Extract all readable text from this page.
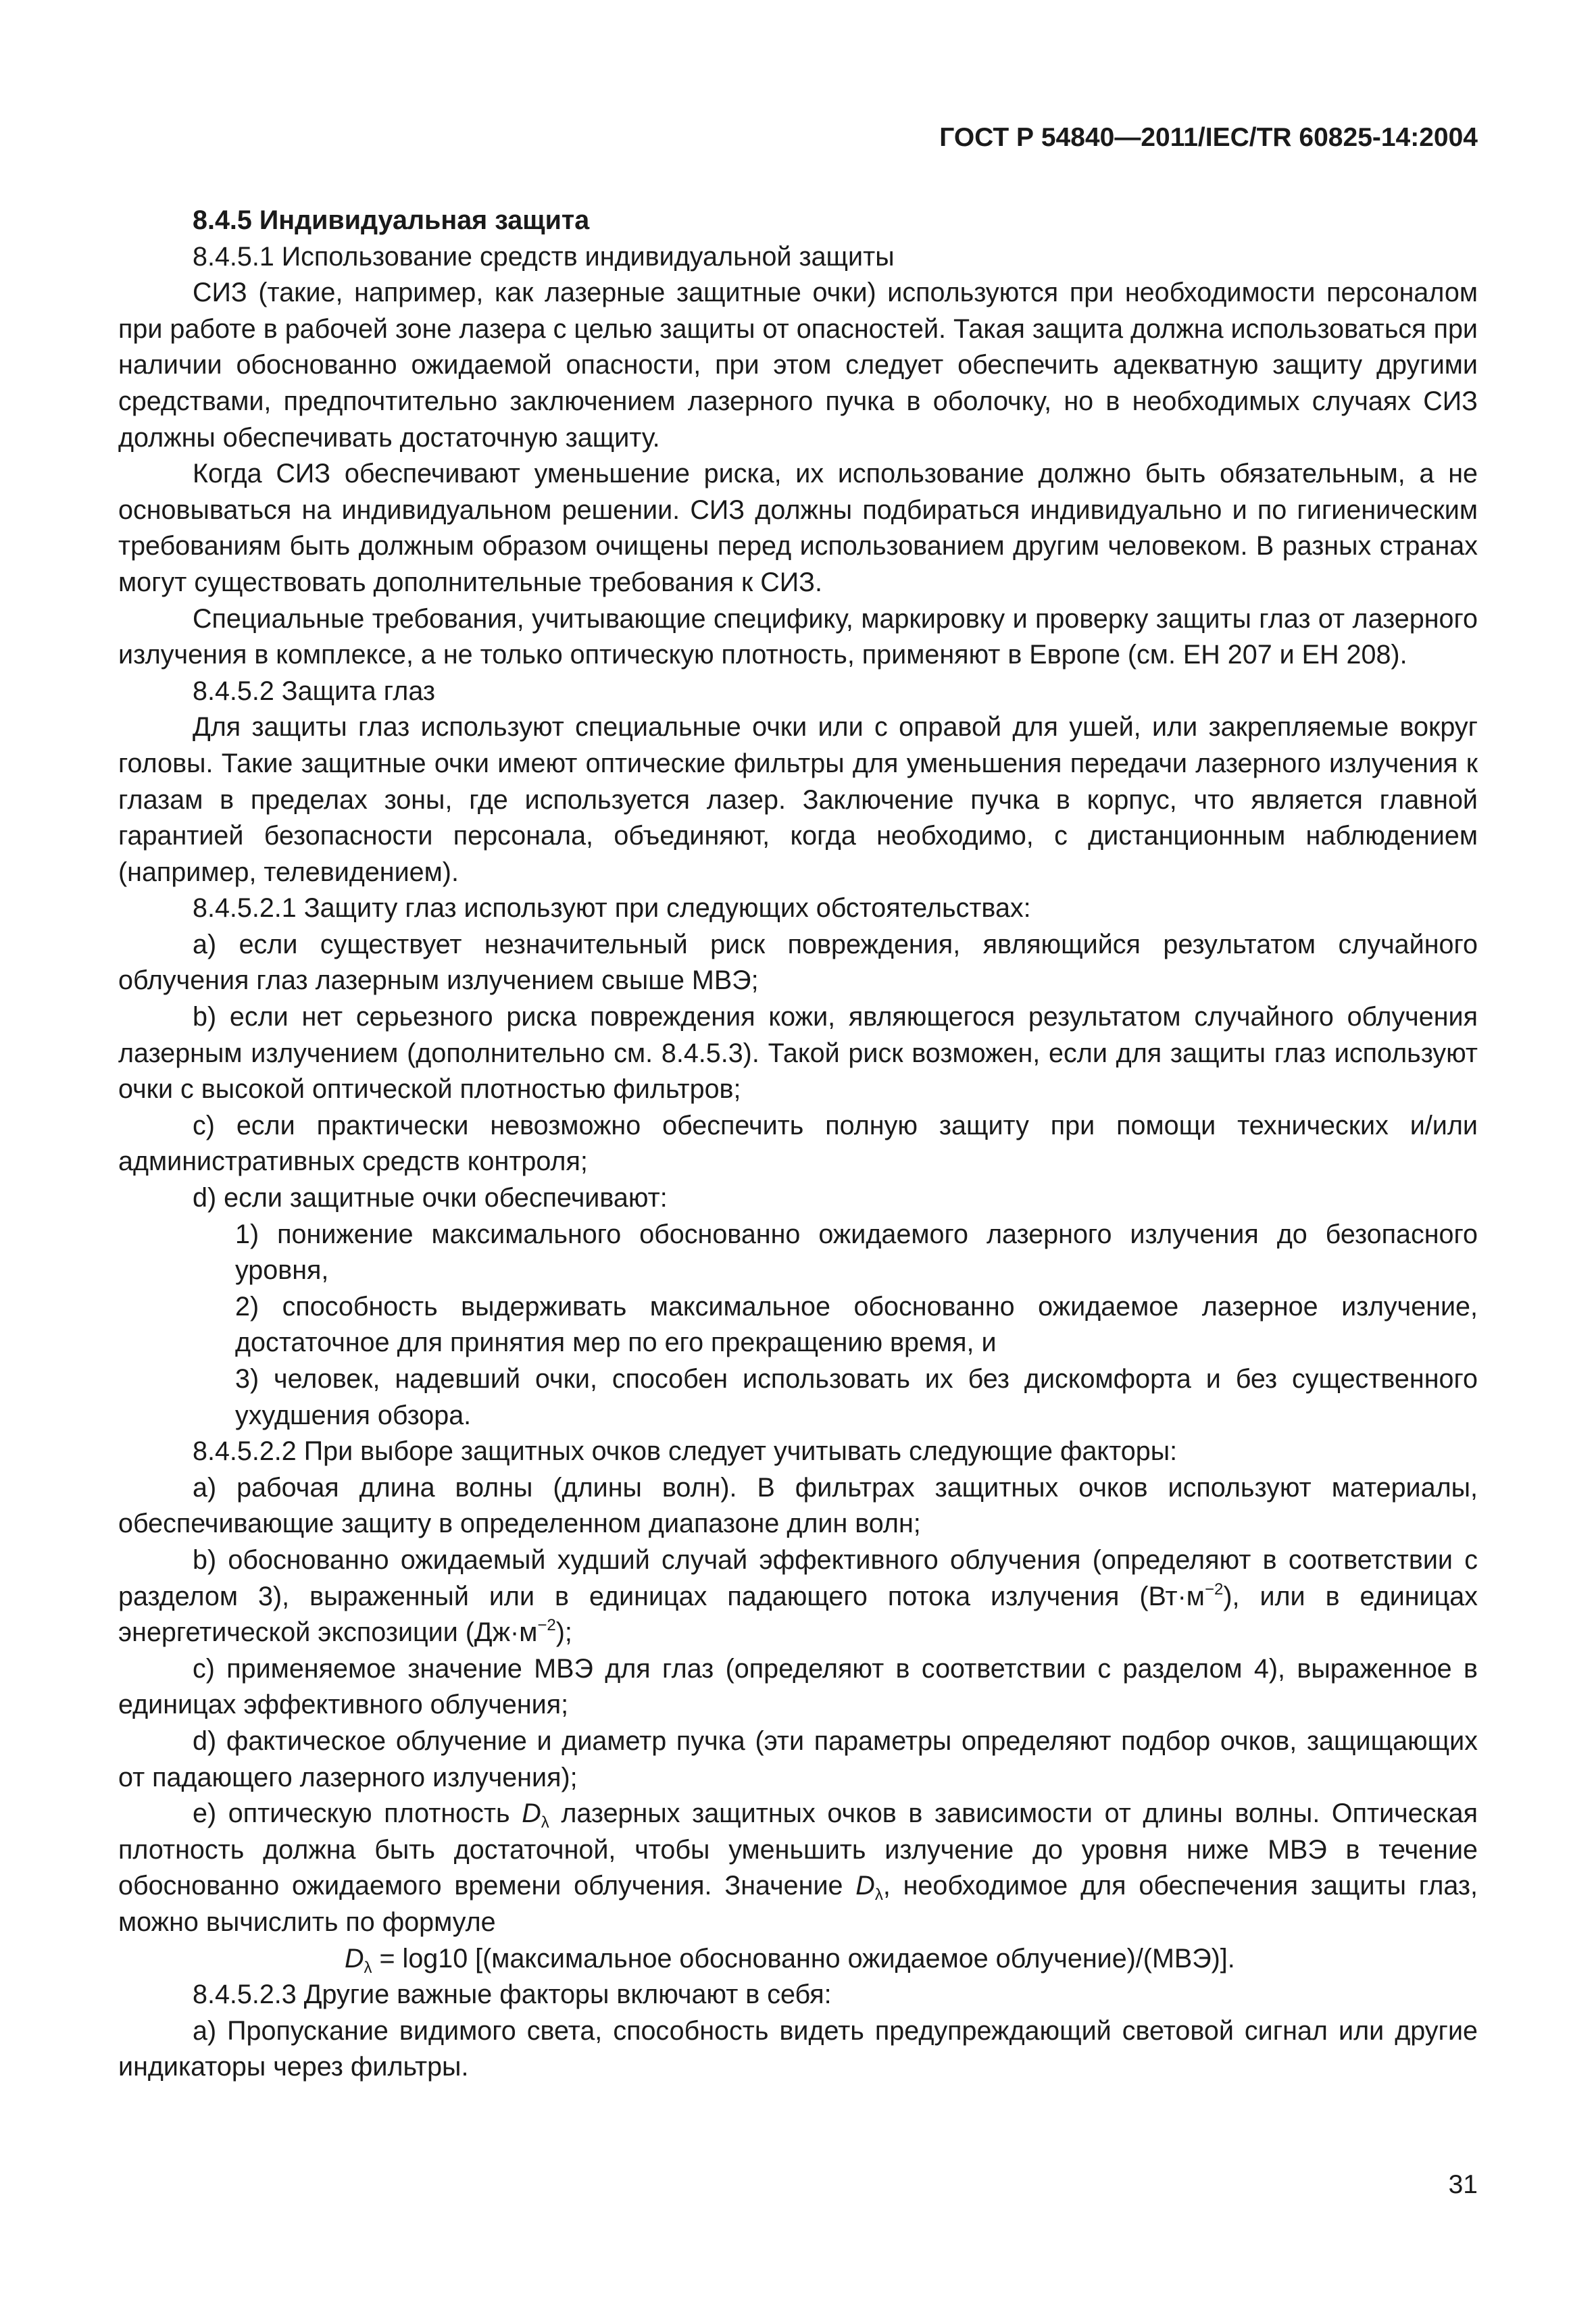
ГОСТ Р 54840—2011/IEC/TR 60825-14:2004

8.4.5 Индивидуальная защита

8.4.5.1 Использование средств индивидуальной защиты

СИЗ (такие, например, как лазерные защитные очки) используются при необходимости персоналом при работе в рабочей зоне лазера с целью защиты от опасностей. Такая защита должна использоваться при наличии обоснованно ожидаемой опасности, при этом следует обеспечить адекватную защиту другими средствами, предпочтительно заключением лазерного пучка в оболочку, но в необходимых случаях СИЗ должны обеспечивать достаточную защиту.

Когда СИЗ обеспечивают уменьшение риска, их использование должно быть обязательным, а не основываться на индивидуальном решении. СИЗ должны подбираться индивидуально и по гигиеническим требованиям быть должным образом очищены перед использованием другим человеком. В разных странах могут существовать дополнительные требования к СИЗ.

Специальные требования, учитывающие специфику, маркировку и проверку защиты глаз от лазерного излучения в комплексе, а не только оптическую плотность, применяют в Европе (см. ЕН 207 и ЕН 208).

8.4.5.2 Защита глаз

Для защиты глаз используют специальные очки или с оправой для ушей, или закрепляемые вокруг головы. Такие защитные очки имеют оптические фильтры для уменьшения передачи лазерного излучения к глазам в пределах зоны, где используется лазер. Заключение пучка в корпус, что является главной гарантией безопасности персонала, объединяют, когда необходимо, с дистанционным наблюдением (например, телевидением).

8.4.5.2.1 Защиту глаз используют при следующих обстоятельствах:

а) если существует незначительный риск повреждения, являющийся результатом случайного облучения глаз лазерным излучением свыше МВЭ;

b) если нет серьезного риска повреждения кожи, являющегося результатом случайного облучения лазерным излучением (дополнительно см. 8.4.5.3). Такой риск возможен, если для защиты глаз используют очки с высокой оптической плотностью фильтров;

с) если практически невозможно обеспечить полную защиту при помощи технических и/или административных средств контроля;

d) если защитные очки обеспечивают:

1) понижение максимального обоснованно ожидаемого лазерного излучения до безопасного уровня,

2) способность выдерживать максимальное обоснованно ожидаемое лазерное излучение, достаточное для принятия мер по его прекращению время, и

3) человек, надевший очки, способен использовать их без дискомфорта и без существенного ухудшения обзора.

8.4.5.2.2 При выборе защитных очков следует учитывать следующие факторы:

а) рабочая длина волны (длины волн). В фильтрах защитных очков используют материалы, обеспечивающие защиту в определенном диапазоне длин волн;

b) обоснованно ожидаемый худший случай эффективного облучения (определяют в соответствии с разделом 3), выраженный или в единицах падающего потока излучения $(Вт\cdot м^{-2})$, или в единицах энергетической экспозиции $(Дж\cdot м^{-2})$;

с) применяемое значение МВЭ для глаз (определяют в соответствии с разделом 4), выраженное в единицах эффективного облучения;

d) фактическое облучение и диаметр пучка (эти параметры определяют подбор очков, защищающих от падающего лазерного излучения);

е) оптическую плотность $D_\lambda$ лазерных защитных очков в зависимости от длины волны. Оптическая плотность должна быть достаточной, чтобы уменьшить излучение до уровня ниже МВЭ в течение обоснованно ожидаемого времени облучения. Значение $D_\lambda$, необходимое для обеспечения защиты глаз, можно вычислить по формуле

$D_\lambda = \log 10$ [(максимальное обоснованно ожидаемое облучение)/(МВЭ)].

8.4.5.2.3 Другие важные факторы включают в себя:

а) Пропускание видимого света, способность видеть предупреждающий световой сигнал или другие индикаторы через фильтры.

31
